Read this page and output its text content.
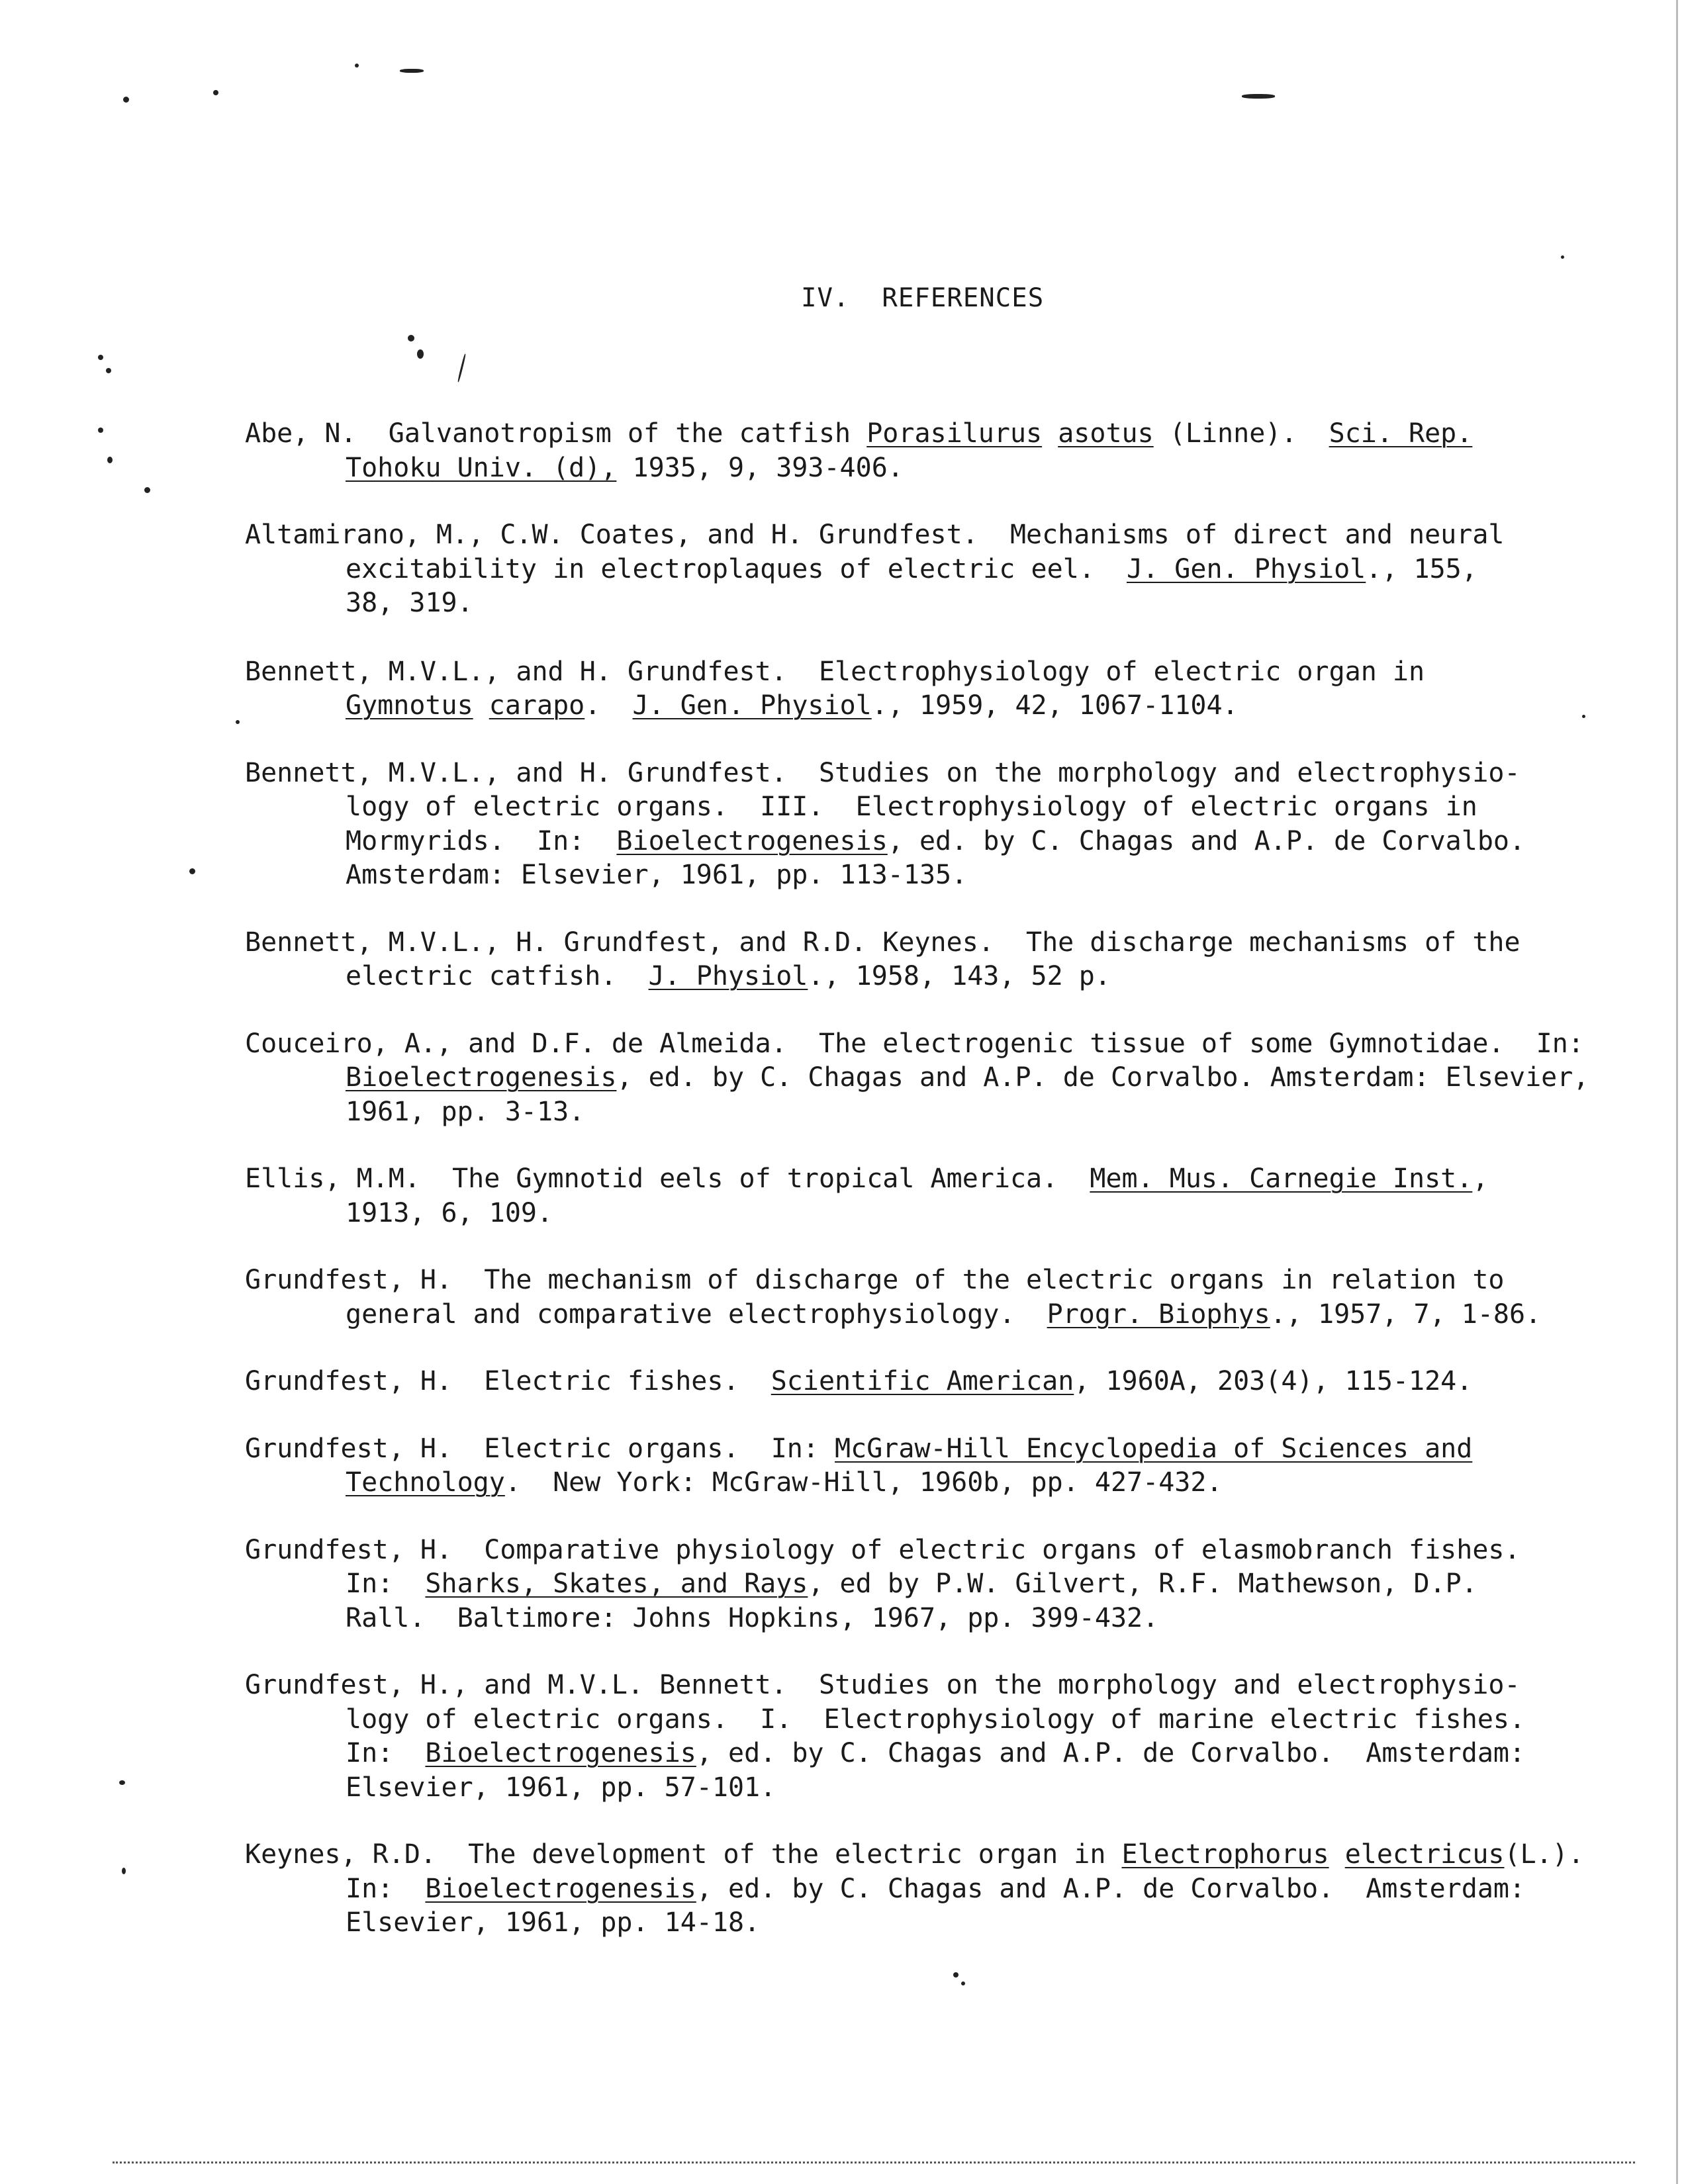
IV. REFERENCES
Abe, N.  Galvanotropism of the catfish Porasilurus asotus (Linne).  Sci. Rep.
Tohoku Univ. (d), 1935, 9, 393-406.
Altamirano, M., C.W. Coates, and H. Grundfest.  Mechanisms of direct and neural
excitability in electroplaques of electric eel.  J. Gen. Physiol., 155,
38, 319.
Bennett, M.V.L., and H. Grundfest.  Electrophysiology of electric organ in
Gymnotus carapo.  J. Gen. Physiol., 1959, 42, 1067-1104.
Bennett, M.V.L., and H. Grundfest.  Studies on the morphology and electrophysio-
logy of electric organs.  III.  Electrophysiology of electric organs in
Mormyrids.  In:  Bioelectrogenesis, ed. by C. Chagas and A.P. de Corvalbo.
Amsterdam: Elsevier, 1961, pp. 113-135.
Bennett, M.V.L., H. Grundfest, and R.D. Keynes.  The discharge mechanisms of the
electric catfish.  J. Physiol., 1958, 143, 52 p.
Couceiro, A., and D.F. de Almeida.  The electrogenic tissue of some Gymnotidae.  In:
Bioelectrogenesis, ed. by C. Chagas and A.P. de Corvalbo. Amsterdam: Elsevier,
1961, pp. 3-13.
Ellis, M.M.  The Gymnotid eels of tropical America.  Mem. Mus. Carnegie Inst.,
1913, 6, 109.
Grundfest, H.  The mechanism of discharge of the electric organs in relation to
general and comparative electrophysiology.  Progr. Biophys., 1957, 7, 1-86.
Grundfest, H.  Electric fishes.  Scientific American, 1960A, 203(4), 115-124.
Grundfest, H.  Electric organs.  In: McGraw-Hill Encyclopedia of Sciences and
Technology.  New York: McGraw-Hill, 1960b, pp. 427-432.
Grundfest, H.  Comparative physiology of electric organs of elasmobranch fishes.
In:  Sharks, Skates, and Rays, ed by P.W. Gilvert, R.F. Mathewson, D.P.
Rall.  Baltimore: Johns Hopkins, 1967, pp. 399-432.
Grundfest, H., and M.V.L. Bennett.  Studies on the morphology and electrophysio-
logy of electric organs.  I.  Electrophysiology of marine electric fishes.
In:  Bioelectrogenesis, ed. by C. Chagas and A.P. de Corvalbo.  Amsterdam:
Elsevier, 1961, pp. 57-101.
Keynes, R.D.  The development of the electric organ in Electrophorus electricus(L.).
In:  Bioelectrogenesis, ed. by C. Chagas and A.P. de Corvalbo.  Amsterdam:
Elsevier, 1961, pp. 14-18.
